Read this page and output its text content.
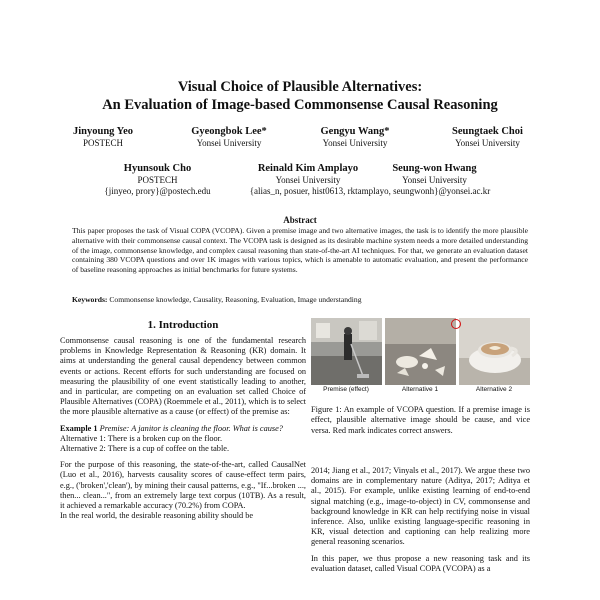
Visual Choice of Plausible Alternatives:
An Evaluation of Image-based Commonsense Causal Reasoning
Jinyoung Yeo
POSTECH
Gyeongbok Lee*
Yonsei University
Gengyu Wang*
Yonsei University
Seungtaek Choi
Yonsei University
Hyunsouk Cho
POSTECH
{jinyeo, prory}@postech.edu
Reinald Kim Amplayo
Yonsei University
Seung-won Hwang
Yonsei University
{alias_n, posuer, hist0613, rktamplayo, seungwonh}@yonsei.ac.kr
Abstract
This paper proposes the task of Visual COPA (VCOPA). Given a premise image and two alternative images, the task is to identify the more plausible alternative with their commonsense causal context. The VCOPA task is designed as its desirable machine system needs a more detailed understanding of the image, commonsense knowledge, and complex causal reasoning than state-of-the-art AI techniques. For that, we generate an evaluation dataset containing 380 VCOPA questions and over 1K images with various topics, which is amenable to automatic evaluation, and present the performance of baseline reasoning approaches as initial benchmarks for future systems.
Keywords: Commonsense knowledge, Causality, Reasoning, Evaluation, Image understanding
1. Introduction

Commonsense causal reasoning is one of the fundamental research problems in Knowledge Representation & Reasoning (KR) domain. It aims at understanding the general causal dependency between common events or actions. Recent efforts for such understanding are focused on measuring the plausibility of one event statistically leading to another, and in particular, are competing on an evaluation set called Choice of Plausible Alternatives (COPA) (Roemmele et al., 2011), which is to select the more plausible alternative as a cause (or effect) of the premise as:

Example 1 Premise: A janitor is cleaning the floor. What is cause?
Alternative 1: There is a broken cup on the floor.
Alternative 2: There is a cup of coffee on the table.

For the purpose of this reasoning, the state-of-the-art, called CausalNet (Luo et al., 2016), harvests causality scores of cause-effect term pairs, e.g., ('broken','clean'), by mining their causal patterns, e.g., "If...broken ..., then... clean...", from an extremely large text corpus (10TB). As a result, it achieved a remarkable accuracy (70.2%) from COPA.

In the real world, the desirable reasoning ability should be

Premise (effect)	Alternative 1	Alternative 2
Figure 1: An example of VCOPA question. If a premise image is effect, plausible alternative image should be cause, and vice versa. Red mark indicates correct answers.

2014; Jiang et al., 2017; Vinyals et al., 2017). We argue these two domains are in complementary nature (Aditya, 2017; Aditya et al., 2015). For example, unlike existing learning of end-to-end signal matching (e.g., image-to-object) in CV, commonsense and background knowledge in KR can help rectifying noise in visual inference. Also, unlike existing language-specific reasoning in KR, visual detection and captioning can help realizing more general reasoning scenarios.

In this paper, we thus propose a new reasoning task and its evaluation dataset, called Visual COPA (VCOPA) as a
